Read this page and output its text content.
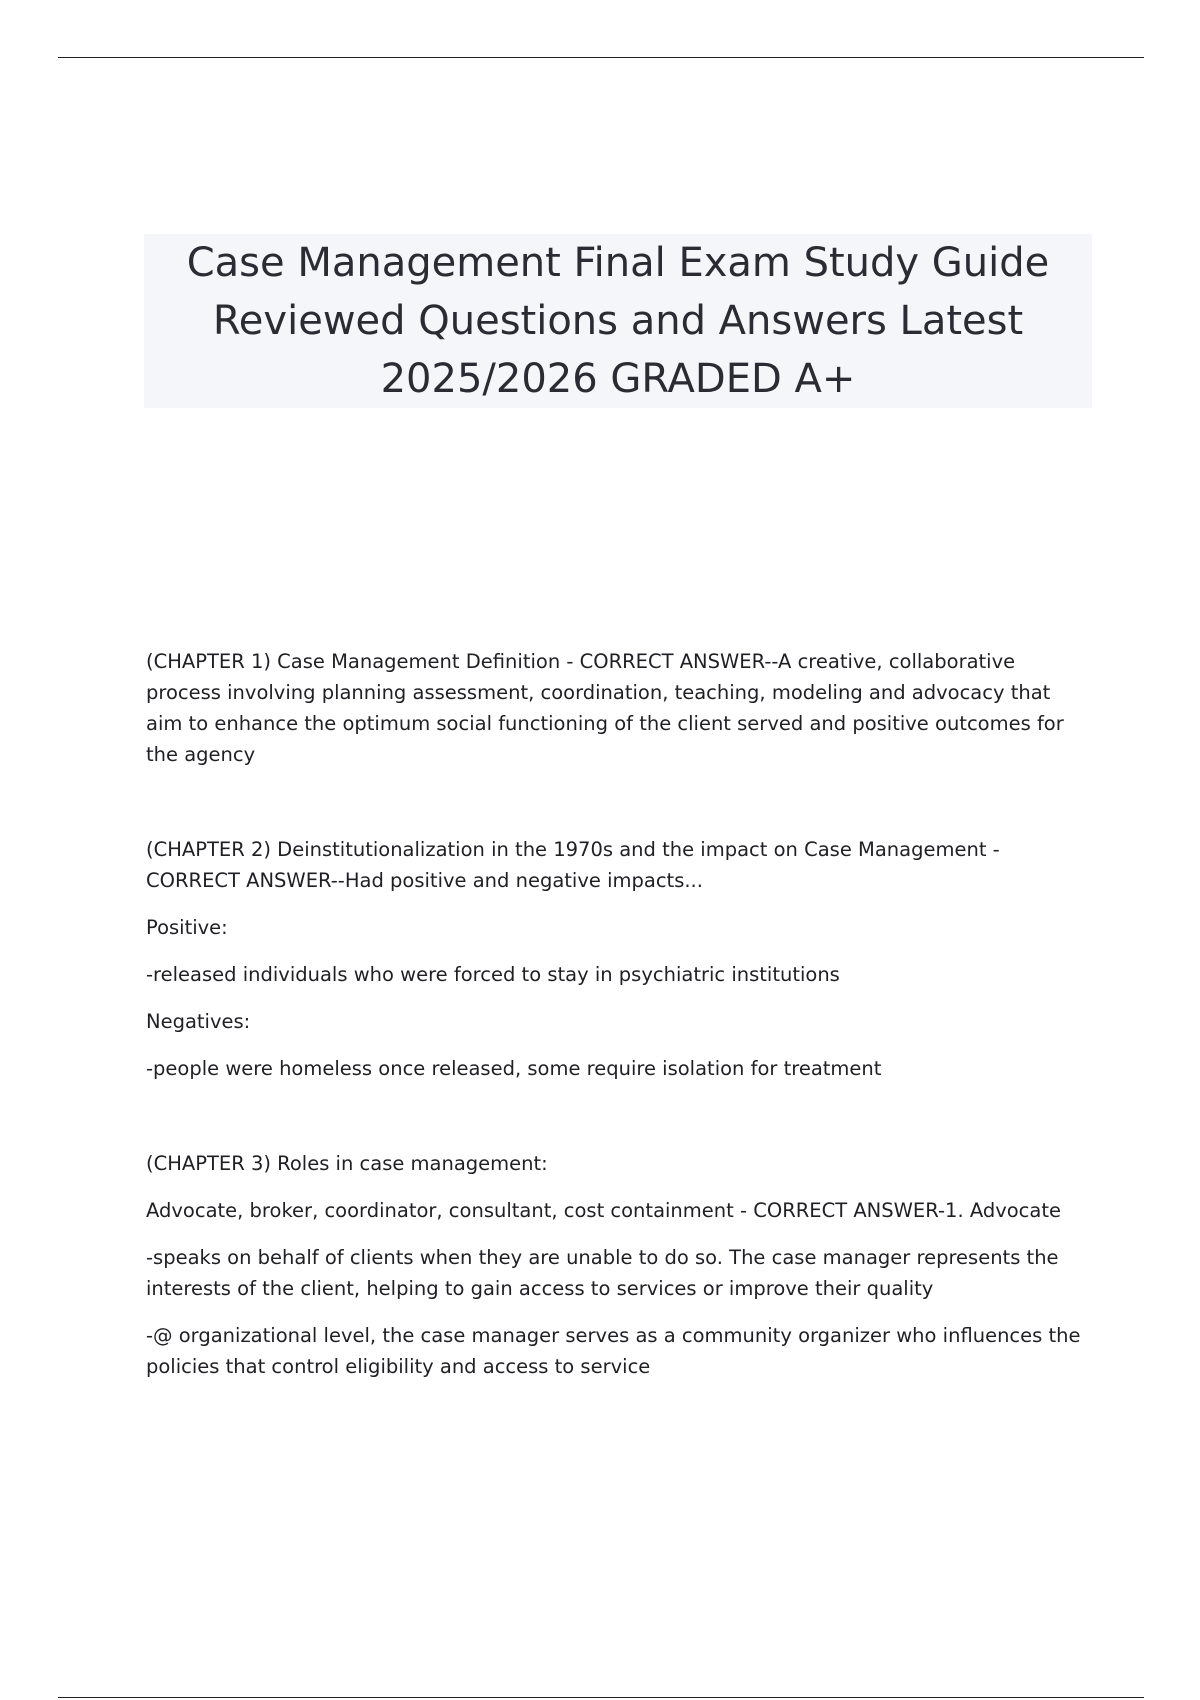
Case Management Final Exam Study Guide
Reviewed Questions and Answers Latest
2025/2026 GRADED A+

(CHAPTER 1) Case Management Definition - CORRECT ANSWER--A creative, collaborative process involving planning assessment, coordination, teaching, modeling and advocacy that aim to enhance the optimum social functioning of the client served and positive outcomes for the agency

(CHAPTER 2) Deinstitutionalization in the 1970s and the impact on Case Management - CORRECT ANSWER--Had positive and negative impacts...

Positive:

-released individuals who were forced to stay in psychiatric institutions

Negatives:

-people were homeless once released, some require isolation for treatment

(CHAPTER 3) Roles in case management:

Advocate, broker, coordinator, consultant, cost containment - CORRECT ANSWER-1. Advocate

-speaks on behalf of clients when they are unable to do so. The case manager represents the interests of the client, helping to gain access to services or improve their quality

-@ organizational level, the case manager serves as a community organizer who influences the policies that control eligibility and access to service
